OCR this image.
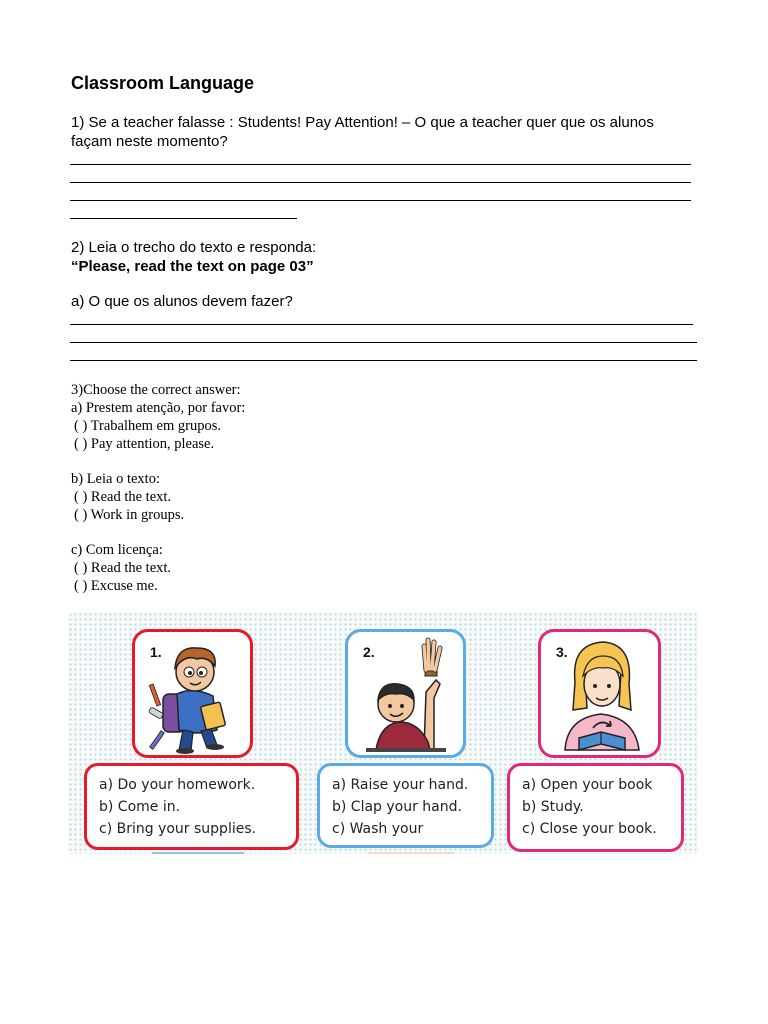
Classroom Language
1) Se a teacher falasse : Students! Pay Attention! – O que a teacher quer que os alunos
façam neste momento?
2) Leia o trecho do texto e responda:
“Please, read the text on page 03”
a) O que os alunos devem fazer?
3)Choose the correct answer:
a) Prestem atenção, por favor:
( ) Trabalhem em grupos.
( ) Pay attention, please.
b) Leia o texto:
( ) Read the text.
( ) Work in groups.
c) Com licença:
( ) Read the text.
( ) Excuse me.
1.	2.	3.
a) Do your homework.
b) Come in.
c) Bring your supplies.
a) Raise your hand.
b) Clap your hand.
c) Wash your
a) Open your book
b) Study.
c) Close your book.
